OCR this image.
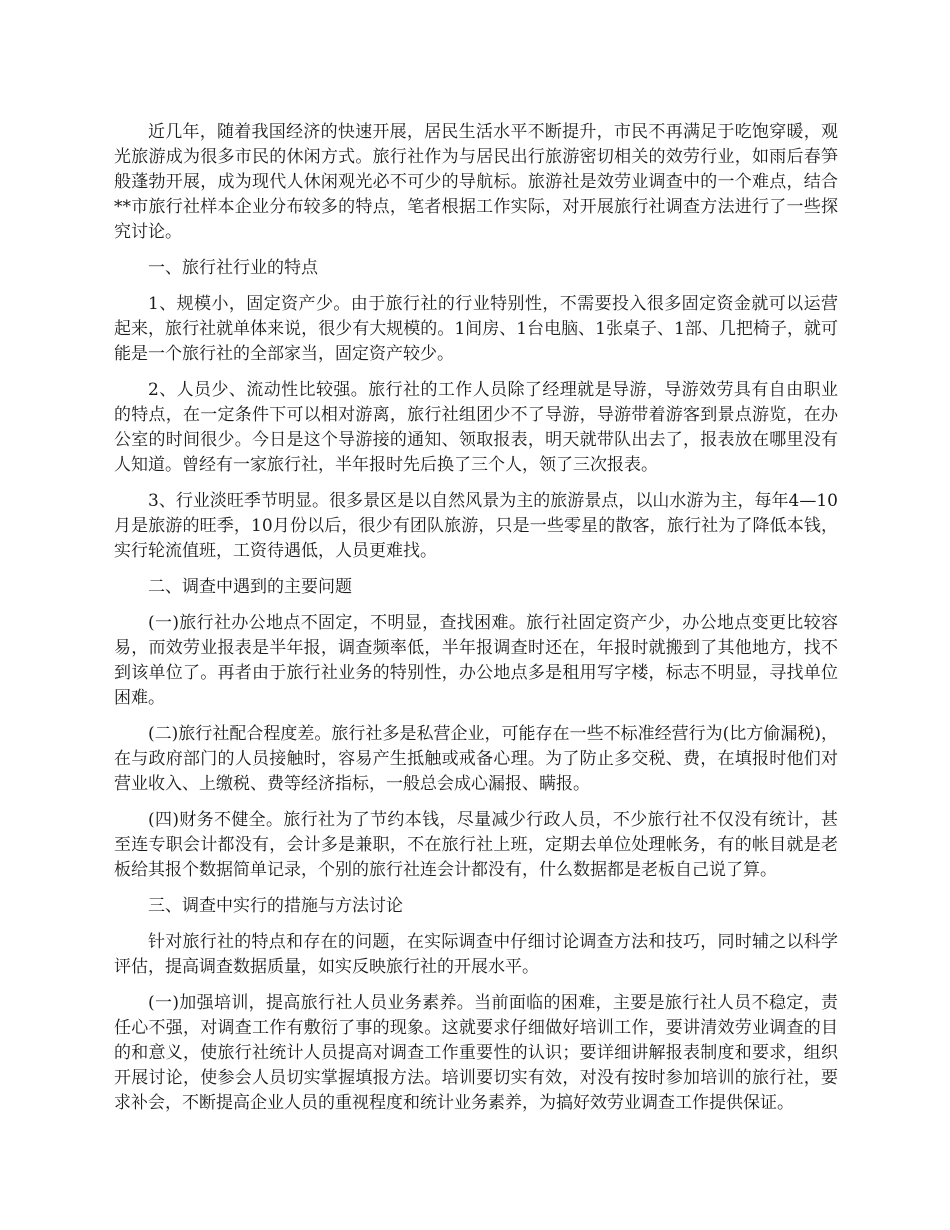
近几年，随着我国经济的快速开展，居民生活水平不断提升，市民不再满足于吃饱穿暖，观光旅游成为很多市民的休闲方式。旅行社作为与居民出行旅游密切相关的效劳行业，如雨后春笋般蓬勃开展，成为现代人休闲观光必不可少的导航标。旅游社是效劳业调查中的一个难点，结合**市旅行社样本企业分布较多的特点，笔者根据工作实际，对开展旅行社调查方法进行了一些探究讨论。

一、旅行社行业的特点

1、规模小，固定资产少。由于旅行社的行业特别性，不需要投入很多固定资金就可以运营起来，旅行社就单体来说，很少有大规模的。1间房、1台电脑、1张桌子、1部、几把椅子，就可能是一个旅行社的全部家当，固定资产较少。

2、人员少、流动性比较强。旅行社的工作人员除了经理就是导游，导游效劳具有自由职业的特点，在一定条件下可以相对游离，旅行社组团少不了导游，导游带着游客到景点游览，在办公室的时间很少。今日是这个导游接的通知、领取报表，明天就带队出去了，报表放在哪里没有人知道。曾经有一家旅行社，半年报时先后换了三个人，领了三次报表。

3、行业淡旺季节明显。很多景区是以自然风景为主的旅游景点，以山水游为主，每年4—10月是旅游的旺季，10月份以后，很少有团队旅游，只是一些零星的散客，旅行社为了降低本钱，实行轮流值班，工资待遇低，人员更难找。

二、调查中遇到的主要问题

(一)旅行社办公地点不固定，不明显，查找困难。旅行社固定资产少，办公地点变更比较容易，而效劳业报表是半年报，调查频率低，半年报调查时还在，年报时就搬到了其他地方，找不到该单位了。再者由于旅行社业务的特别性，办公地点多是租用写字楼，标志不明显，寻找单位困难。

(二)旅行社配合程度差。旅行社多是私营企业，可能存在一些不标准经营行为(比方偷漏税)，在与政府部门的人员接触时，容易产生抵触或戒备心理。为了防止多交税、费，在填报时他们对营业收入、上缴税、费等经济指标，一般总会成心漏报、瞒报。

(四)财务不健全。旅行社为了节约本钱，尽量减少行政人员，不少旅行社不仅没有统计，甚至连专职会计都没有，会计多是兼职，不在旅行社上班，定期去单位处理帐务，有的帐目就是老板给其报个数据简单记录，个别的旅行社连会计都没有，什么数据都是老板自己说了算。

三、调查中实行的措施与方法讨论

针对旅行社的特点和存在的问题，在实际调查中仔细讨论调查方法和技巧，同时辅之以科学评估，提高调查数据质量，如实反映旅行社的开展水平。

(一)加强培训，提高旅行社人员业务素养。当前面临的困难，主要是旅行社人员不稳定，责任心不强，对调查工作有敷衍了事的现象。这就要求仔细做好培训工作，要讲清效劳业调查的目的和意义，使旅行社统计人员提高对调查工作重要性的认识；要详细讲解报表制度和要求，组织开展讨论，使参会人员切实掌握填报方法。培训要切实有效，对没有按时参加培训的旅行社，要求补会，不断提高企业人员的重视程度和统计业务素养，为搞好效劳业调查工作提供保证。
